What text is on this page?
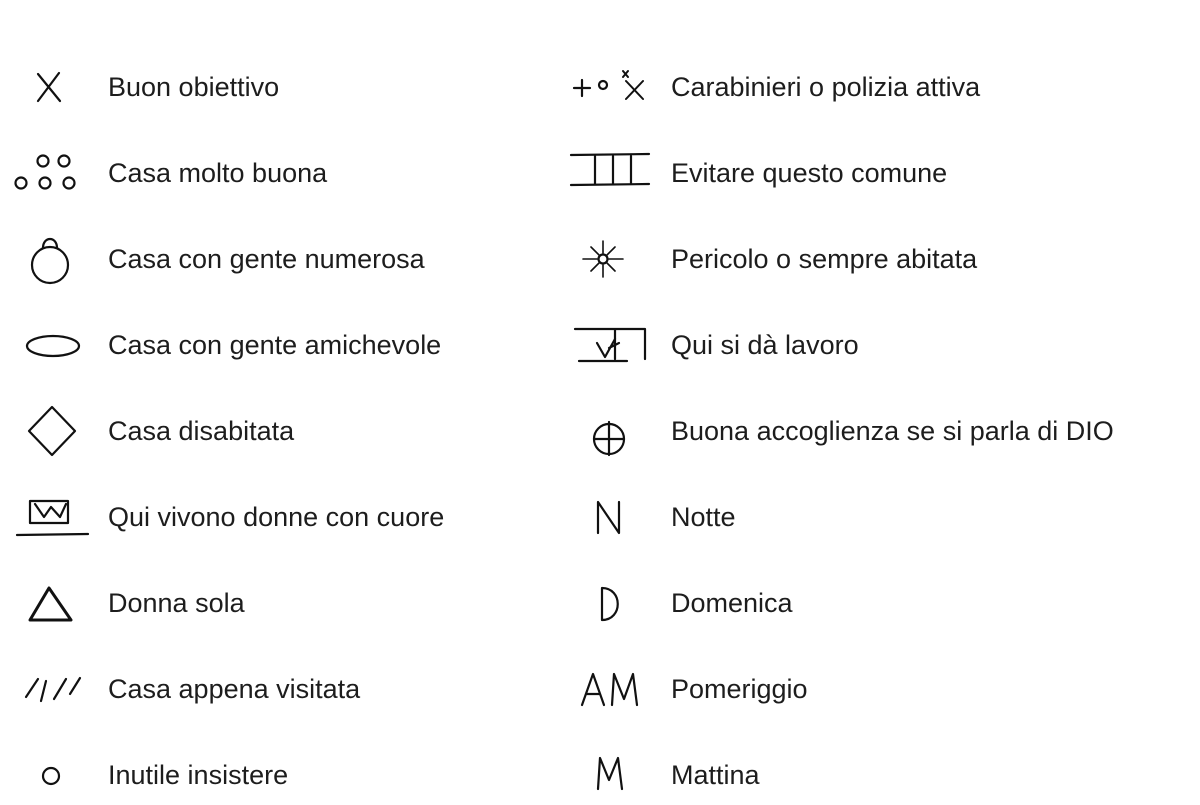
Buon obiettivo
Casa molto buona
Casa con gente numerosa
Casa con gente amichevole
Casa disabitata
Qui vivono donne con cuore
Donna sola
Casa appena visitata
Inutile insistere
Carabinieri o polizia attiva
Evitare questo comune
Pericolo o sempre abitata
Qui si dà lavoro
Buona accoglienza se si parla di DIO
Notte
Domenica
Pomeriggio
Mattina
